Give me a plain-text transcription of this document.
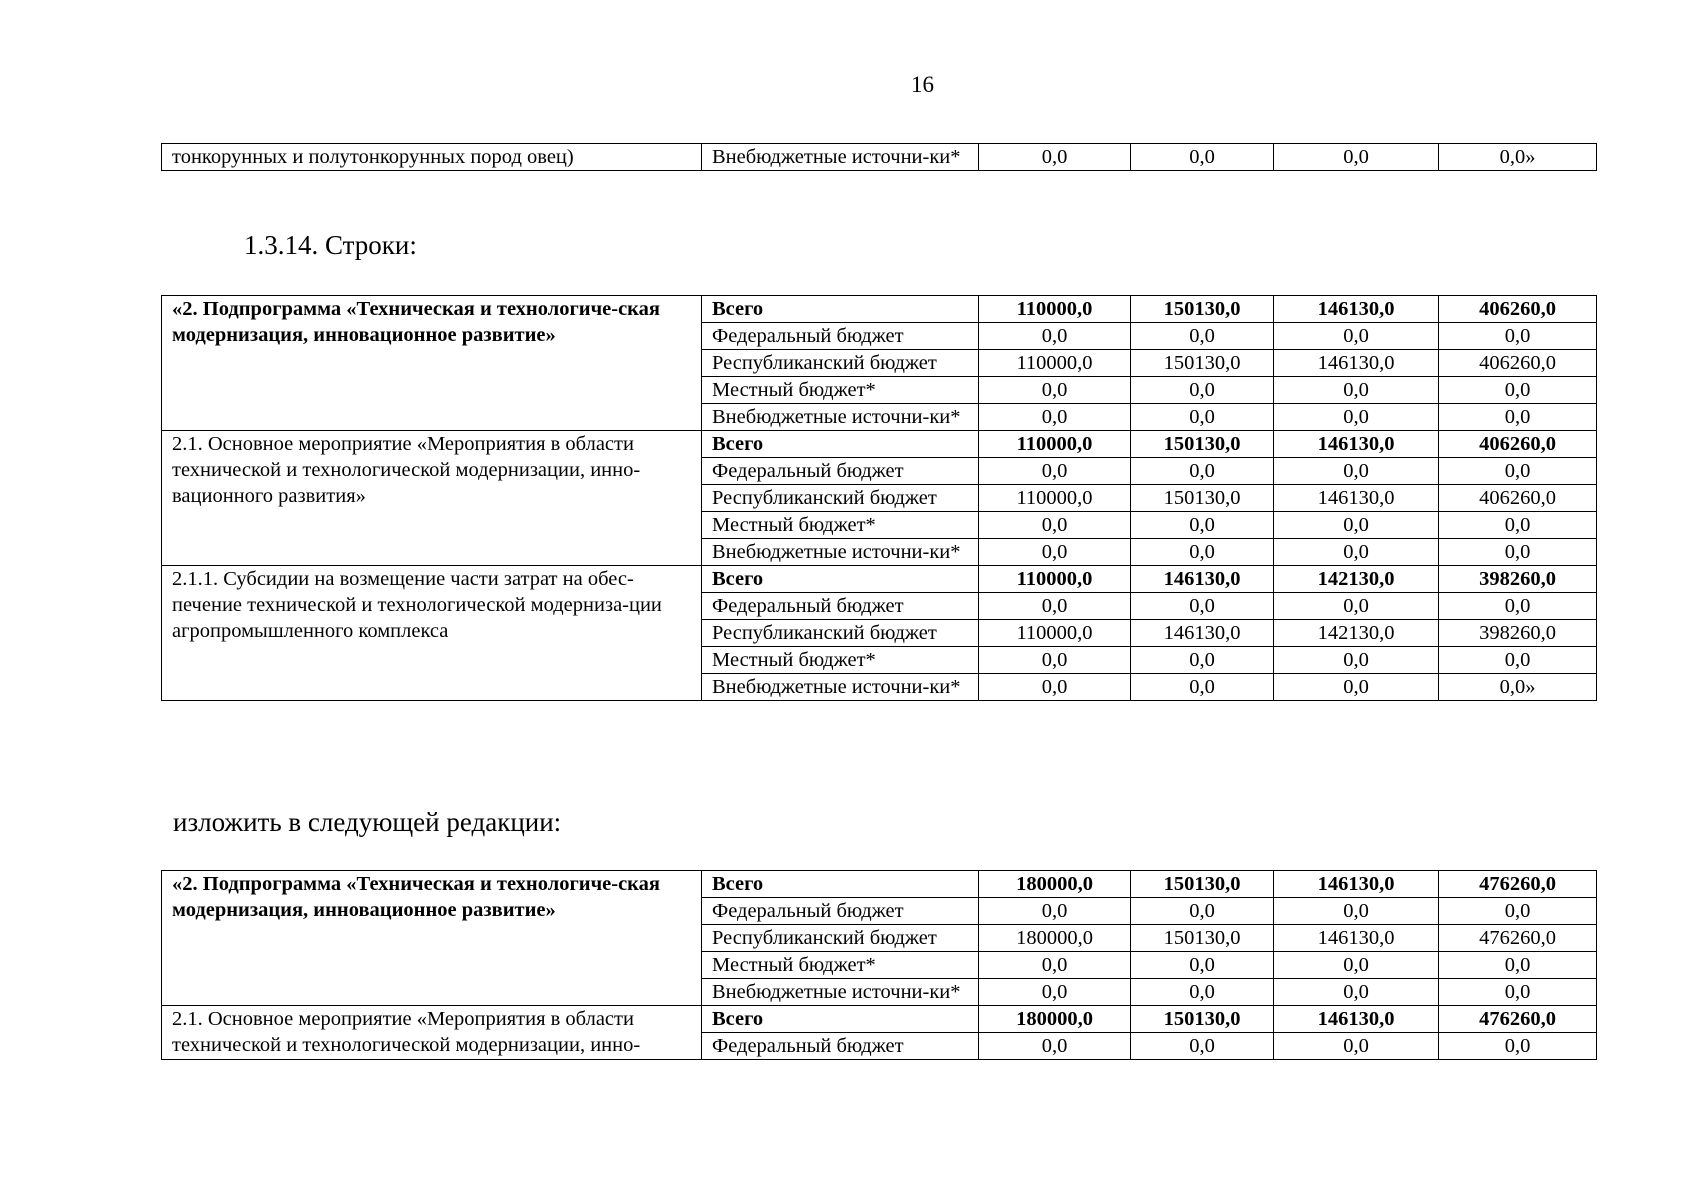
16
тонкорунных и полутонкорунных пород овец)	Внебюджетные источни-ки*	0,0	0,0	0,0	0,0»
1.3.14. Строки:
«2. Подпрограмма «Техническая и технологиче-ская модернизация, инновационное развитие»	Всего	110000,0	150130,0	146130,0	406260,0
	Федеральный бюджет	0,0	0,0	0,0	0,0
	Республиканский бюджет	110000,0	150130,0	146130,0	406260,0
	Местный бюджет*	0,0	0,0	0,0	0,0
	Внебюджетные источни-ки*	0,0	0,0	0,0	0,0
2.1. Основное мероприятие «Мероприятия в области технической и технологической модернизации, инно-вационного развития»	Всего	110000,0	150130,0	146130,0	406260,0
	Федеральный бюджет	0,0	0,0	0,0	0,0
	Республиканский бюджет	110000,0	150130,0	146130,0	406260,0
	Местный бюджет*	0,0	0,0	0,0	0,0
	Внебюджетные источни-ки*	0,0	0,0	0,0	0,0
2.1.1. Субсидии на возмещение части затрат на обес-печение технической и технологической модерниза-ции агропромышленного комплекса	Всего	110000,0	146130,0	142130,0	398260,0
	Федеральный бюджет	0,0	0,0	0,0	0,0
	Республиканский бюджет	110000,0	146130,0	142130,0	398260,0
	Местный бюджет*	0,0	0,0	0,0	0,0
	Внебюджетные источни-ки*	0,0	0,0	0,0	0,0»
изложить в следующей редакции:
«2. Подпрограмма «Техническая и технологиче-ская модернизация, инновационное развитие»	Всего	180000,0	150130,0	146130,0	476260,0
	Федеральный бюджет	0,0	0,0	0,0	0,0
	Республиканский бюджет	180000,0	150130,0	146130,0	476260,0
	Местный бюджет*	0,0	0,0	0,0	0,0
	Внебюджетные источни-ки*	0,0	0,0	0,0	0,0
2.1. Основное мероприятие «Мероприятия в области технической и технологической модернизации, инно-	Всего	180000,0	150130,0	146130,0	476260,0
	Федеральный бюджет	0,0	0,0	0,0	0,0
